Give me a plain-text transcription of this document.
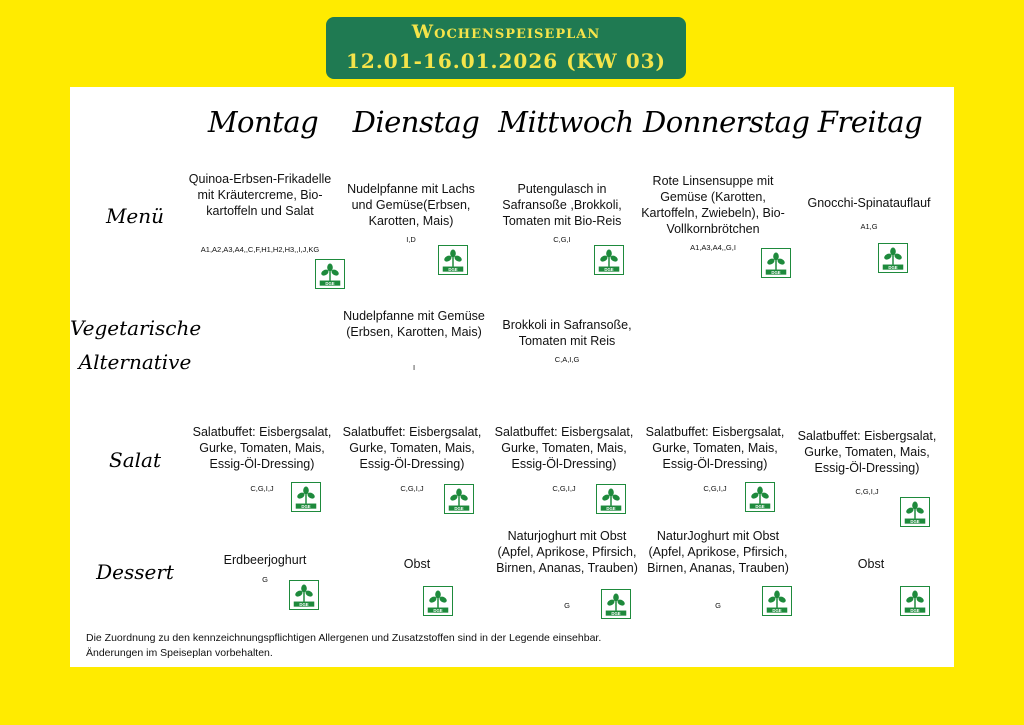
Wochenspeiseplan
12.01-16.01.2026 (KW 03)
Montag	Dienstag Mittwoch Donnerstag Freitag
Menü
Vegetarische
Alternative
Salat
Dessert
Quinoa-Erbsen-Frikadelle mit Kräutercreme, Bio-kartoffeln und Salat
A1,A2,A3,A4,,C,F,H1,H2,H3,,I,J,KG
DGE
Nudelpfanne mit Lachs und Gemüse(Erbsen, Karotten, Mais)
I,D
DGE
Putengulasch in Safransoße ,Brokkoli, Tomaten mit Bio-Reis
C,G,I
DGE
Rote Linsensuppe mit Gemüse (Karotten, Kartoffeln, Zwiebeln), Bio-Vollkornbrötchen
A1,A3,A4,,G,I
DGE
Gnocchi-Spinatauflauf
A1,G
DGE
Nudelpfanne mit Gemüse (Erbsen, Karotten, Mais)
I
Brokkoli in Safransoße, Tomaten mit Reis
C,A,I,G
Salatbuffet: Eisbergsalat, Gurke, Tomaten, Mais, Essig-Öl-Dressing)
C,G,I,J
DGE
Salatbuffet: Eisbergsalat, Gurke, Tomaten, Mais, Essig-Öl-Dressing)
C,G,I,J
DGE
Salatbuffet: Eisbergsalat, Gurke, Tomaten, Mais, Essig-Öl-Dressing)
C,G,I,J
DGE
Salatbuffet: Eisbergsalat, Gurke, Tomaten, Mais, Essig-Öl-Dressing)
C,G,I,J
DGE
Salatbuffet: Eisbergsalat, Gurke, Tomaten, Mais, Essig-Öl-Dressing)
C,G,I,J
DGE
Erdbeerjoghurt
G
DGE
Obst
DGE
Naturjoghurt mit Obst (Apfel, Aprikose, Pfirsich, Birnen, Ananas, Trauben)
G
DGE
NaturJoghurt mit Obst (Apfel, Aprikose, Pfirsich, Birnen, Ananas, Trauben)
G
DGE
Obst
DGE
Die Zuordnung zu den kennzeichnungspflichtigen Allergenen und Zusatzstoffen sind in der Legende einsehbar.
Änderungen im Speiseplan vorbehalten.
